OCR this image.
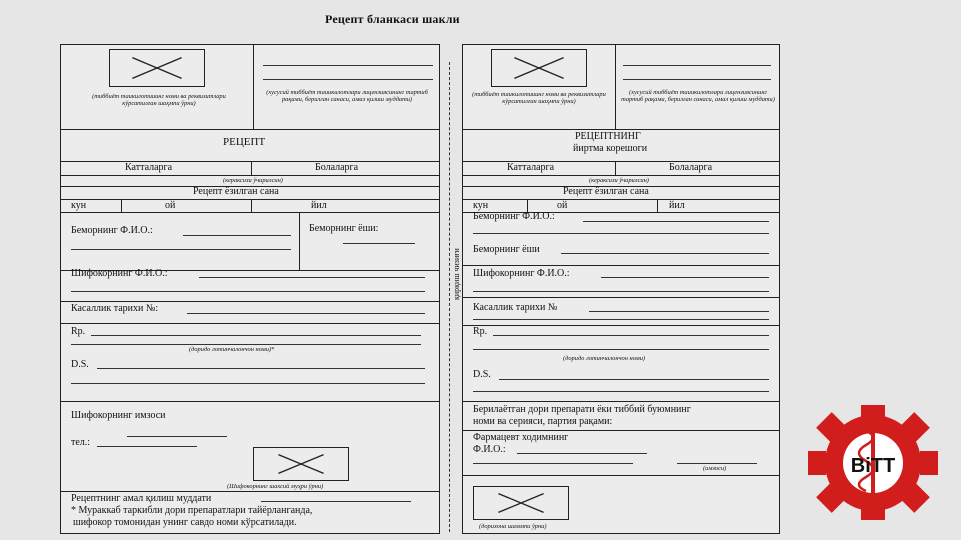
Рецепт бланкаси шакли
(тиббиёт таикилотииинг номи ва реквизитлари кўрсатилган шаҳмпи ўрни)
(хусусий тиббиёт таиикилотлари лицензиясининг тартиб рақами, берилган санаси, амал қилиш муддати)
РЕЦЕПТ
Катталарга	Болаларга
(кераксизи ўчирилсин)
Рецепт ёзилган сана
кун	ой	йил
Беморнинг Ф.И.О.:	Беморнинг ёши:
Шифокорнинг Ф.И.О.:
Касаллик тарихи №:
Rp.
(доридо лотинчалончон номи)*
D.S.
Шифокорнинг имзоси
тел.:
(Шифокорнинг шахсий муҳри ўрни)
Рецептнинг амал қилиш муддати
* Мураккаб таркибли дори препаратлари тайёрланганда,
шифокор томонидан унинг савдо номи кўрсатилади.
қирқиш чизиғи
(тиббиёт таикилотииинг номи ва реквизитлари кўрсатилган шаҳмпи ўрни)
(хусусий тиббиёт таиикилотлари лицензиясининг тартиб рақами, берилган санаси, амал қилиш муддати)
РЕЦЕПТНИНГ
йиртма корешоги
Катталарга	Болаларга
(кераксизи ўчирилсин)
Рецепт ёзилган сана
кун	ой	йил
Беморнинг Ф.И.О.:
Беморнинг ёши
Шифокорнинг Ф.И.О.:
Касаллик тарихи №
Rp.
(доридо лотинчалончон номи)
D.S.
Берилаётган дори препарати ёки тиббий буюмнинг
номи ва серияси, партия рақами:
Фармацевт ходимнинг
Ф.И.О.:
(имзоси)
(дорихона шаммпи ўрни)
BiTT
